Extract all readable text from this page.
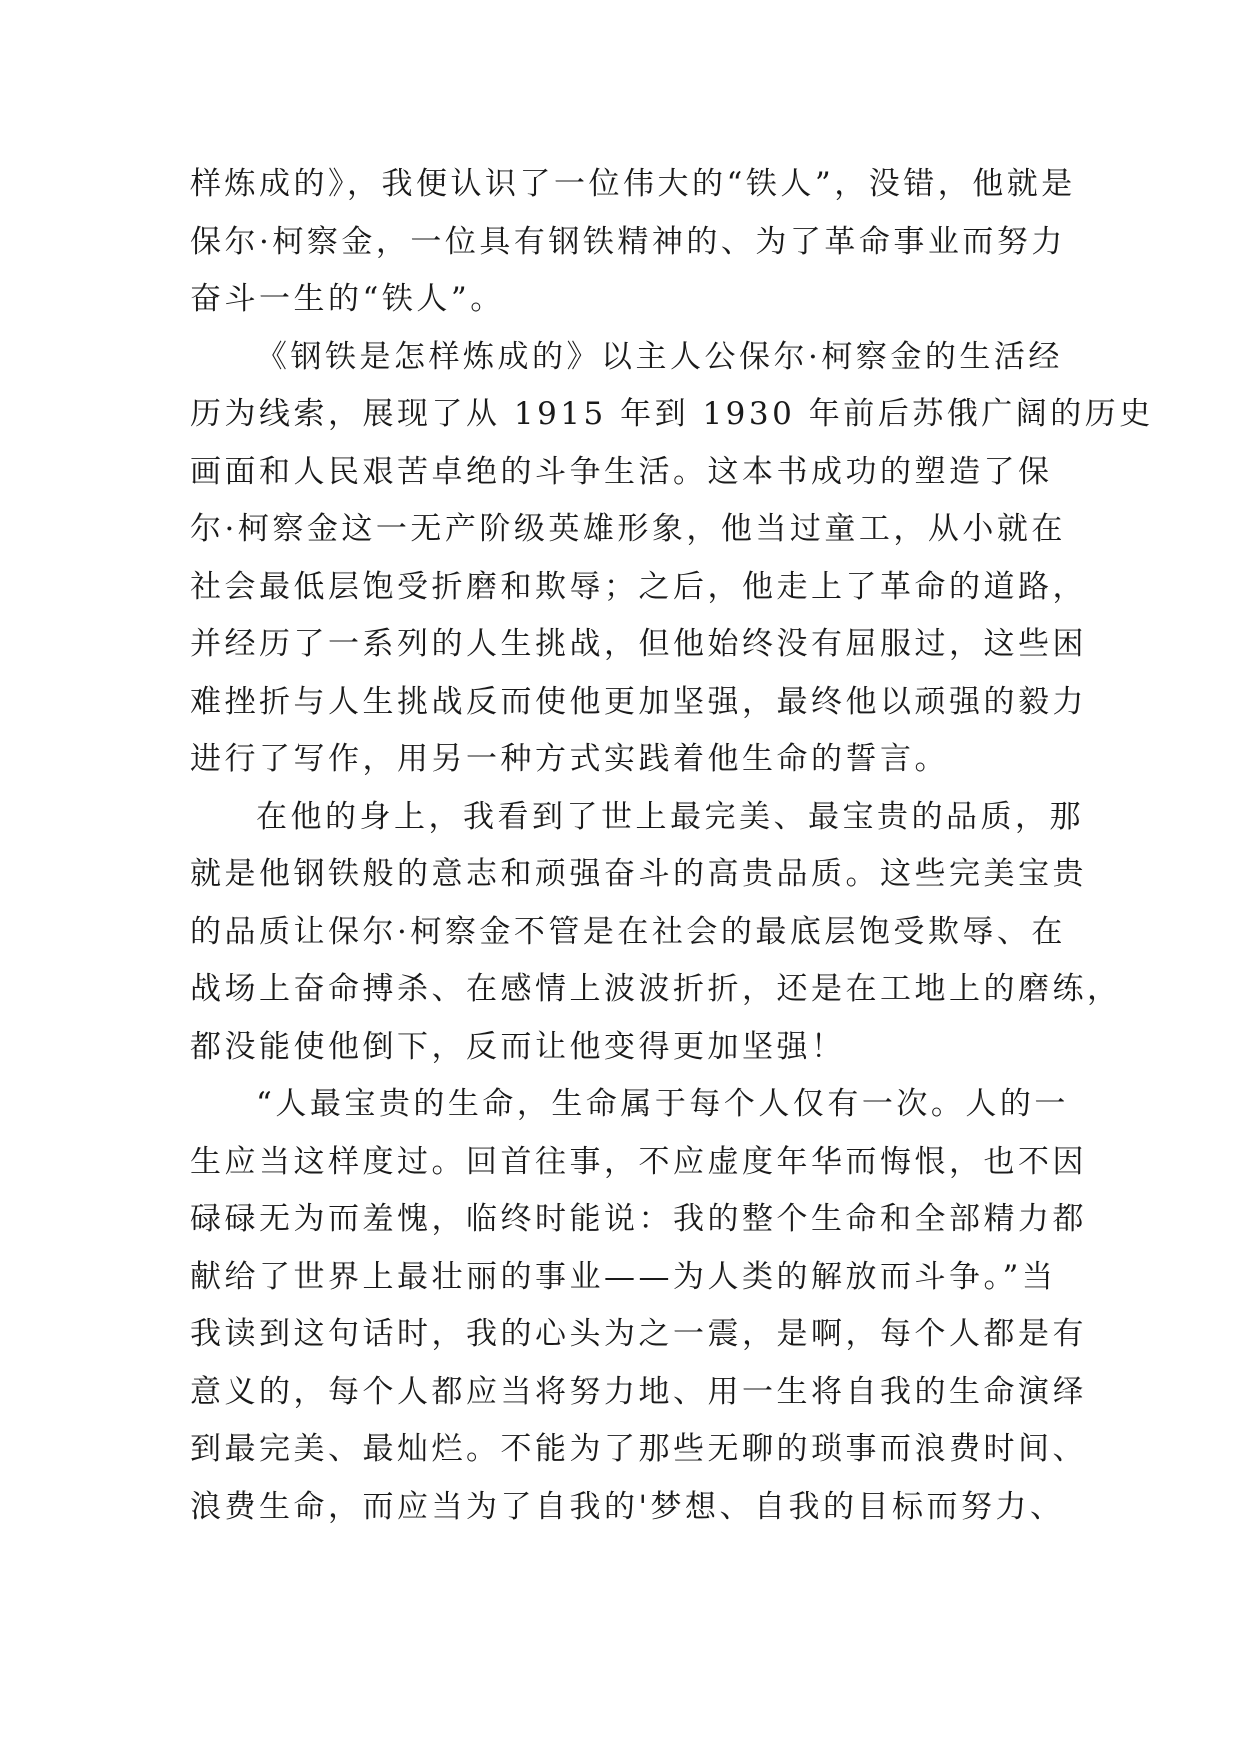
样炼成的》，我便认识了一位伟大的“铁人”，没错，他就是
保尔·柯察金，一位具有钢铁精神的、为了革命事业而努力
奋斗一生的“铁人”。
《钢铁是怎样炼成的》以主人公保尔·柯察金的生活经
历为线索，展现了从 1915 年到 1930 年前后苏俄广阔的历史
画面和人民艰苦卓绝的斗争生活。这本书成功的塑造了保
尔·柯察金这一无产阶级英雄形象，他当过童工，从小就在
社会最低层饱受折磨和欺辱；之后，他走上了革命的道路，
并经历了一系列的人生挑战，但他始终没有屈服过，这些困
难挫折与人生挑战反而使他更加坚强，最终他以顽强的毅力
进行了写作，用另一种方式实践着他生命的誓言。
在他的身上，我看到了世上最完美、最宝贵的品质，那
就是他钢铁般的意志和顽强奋斗的高贵品质。这些完美宝贵
的品质让保尔·柯察金不管是在社会的最底层饱受欺辱、在
战场上奋命搏杀、在感情上波波折折，还是在工地上的磨练，
都没能使他倒下，反而让他变得更加坚强！
“人最宝贵的生命，生命属于每个人仅有一次。人的一
生应当这样度过。回首往事，不应虚度年华而悔恨，也不因
碌碌无为而羞愧，临终时能说：我的整个生命和全部精力都
献给了世界上最壮丽的事业——为人类的解放而斗争。”当
我读到这句话时，我的心头为之一震，是啊，每个人都是有
意义的，每个人都应当将努力地、用一生将自我的生命演绎
到最完美、最灿烂。不能为了那些无聊的琐事而浪费时间、
浪费生命，而应当为了自我的'梦想、自我的目标而努力、
